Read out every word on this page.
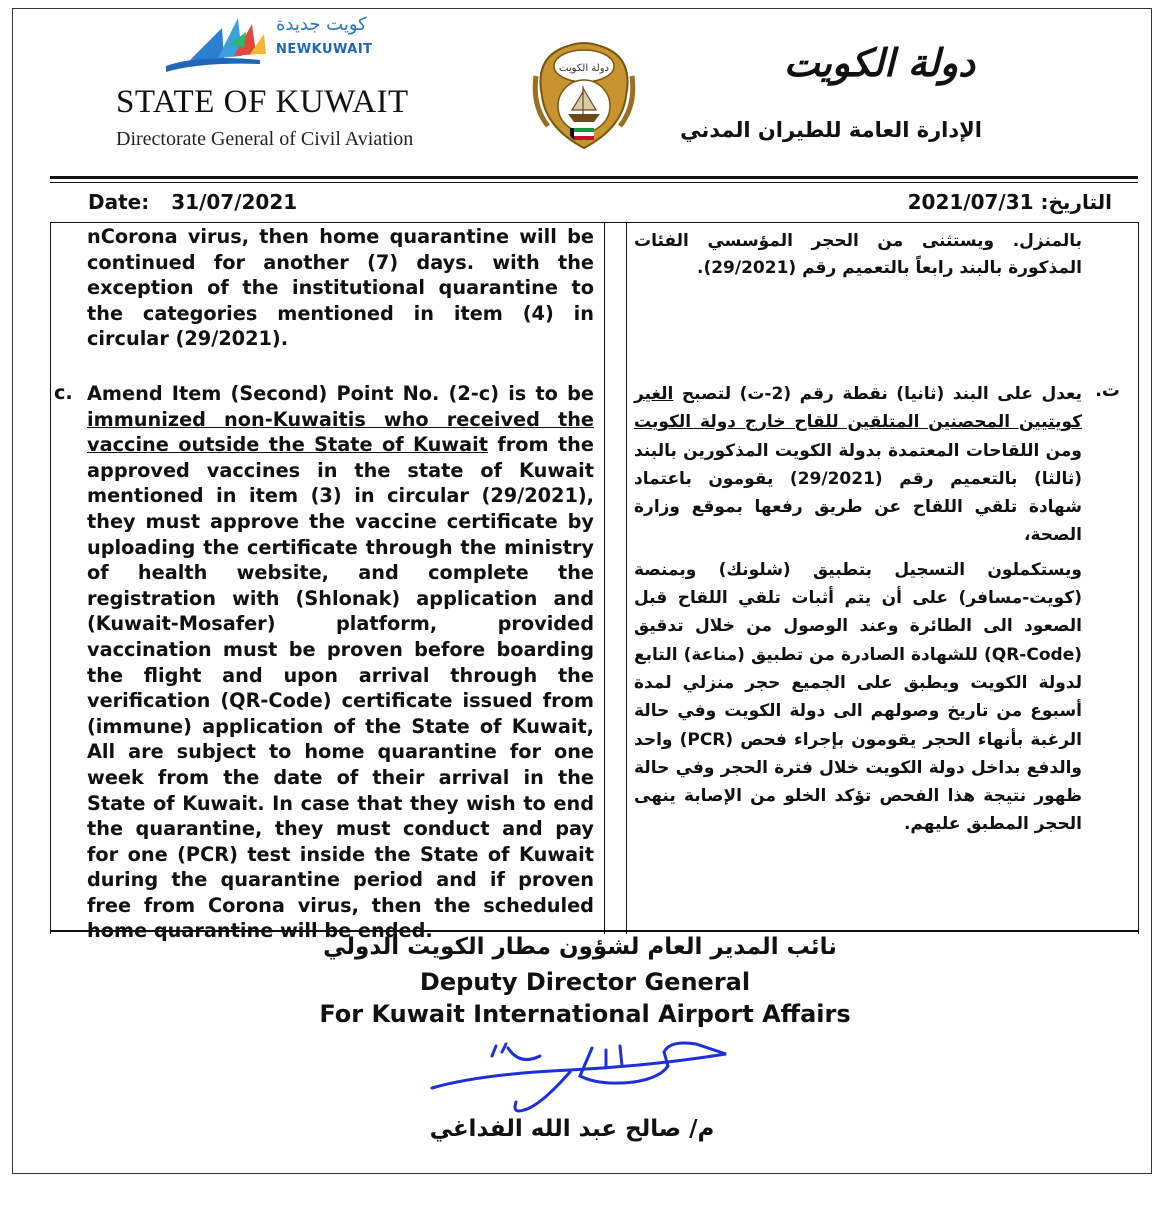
كويت جديدة
NEWKUWAIT
STATE OF KUWAIT
Directorate General of Civil Aviation
دولة الكويت	دولة الكويت
الإدارة العامة للطيران المدني
Date: 31/07/2021	التاريخ: 2021/07/31
nCorona virus, then home quarantine will be continued for another (7) days. with the exception of the institutional quarantine to the categories mentioned in item (4) in circular (29/2021).
c. Amend Item (Second) Point No. (2-c) is to be immunized non-Kuwaitis who received the vaccine outside the State of Kuwait from the approved vaccines in the state of Kuwait mentioned in item (3) in circular (29/2021), they must approve the vaccine certificate by uploading the certificate through the ministry of health website, and complete the registration with (Shlonak) application and (Kuwait-Mosafer) platform, provided vaccination must be proven before boarding the flight and upon arrival through the verification (QR-Code) certificate issued from (immune) application of the State of Kuwait, All are subject to home quarantine for one week from the date of their arrival in the State of Kuwait. In case that they wish to end the quarantine, they must conduct and pay for one (PCR) test inside the State of Kuwait during the quarantine period and if proven free from Corona virus, then the scheduled home quarantine will be ended.
بالمنزل. ويستثنى من الحجر المؤسسي الفئات المذكورة بالبند رابعاً بالتعميم رقم (29/2021).
ت.
يعدل على البند (ثانيا) نقطة رقم (2-ت) لتصبح الغير كويتيين المحصنين المتلقين للقاح خارج دولة الكويت ومن اللقاحات المعتمدة بدولة الكويت المذكورين بالبند (ثالثا) بالتعميم رقم (29/2021) يقومون باعتماد شهادة تلقي اللقاح عن طريق رفعها بموقع وزارة الصحة،
ويستكملون التسجيل بتطبيق (شلونك) وبمنصة (كويت-مسافر) على أن يتم أثبات تلقي اللقاح قبل الصعود الى الطائرة وعند الوصول من خلال تدقيق (QR-Code) للشهادة الصادرة من تطبيق (مناعة) التابع لدولة الكويت ويطبق على الجميع حجر منزلي لمدة أسبوع من تاريخ وصولهم الى دولة الكويت وفي حالة الرغبة بأنهاء الحجر يقومون بإجراء فحص (PCR) واحد والدفع بداخل دولة الكويت خلال فترة الحجر وفي حالة ظهور نتيجة هذا الفحص تؤكد الخلو من الإصابة ينهى الحجر المطبق عليهم.
نائب المدير العام لشؤون مطار الكويت الدولي
Deputy Director General
For Kuwait International Airport Affairs
م/ صالح عبد الله الفداغي
